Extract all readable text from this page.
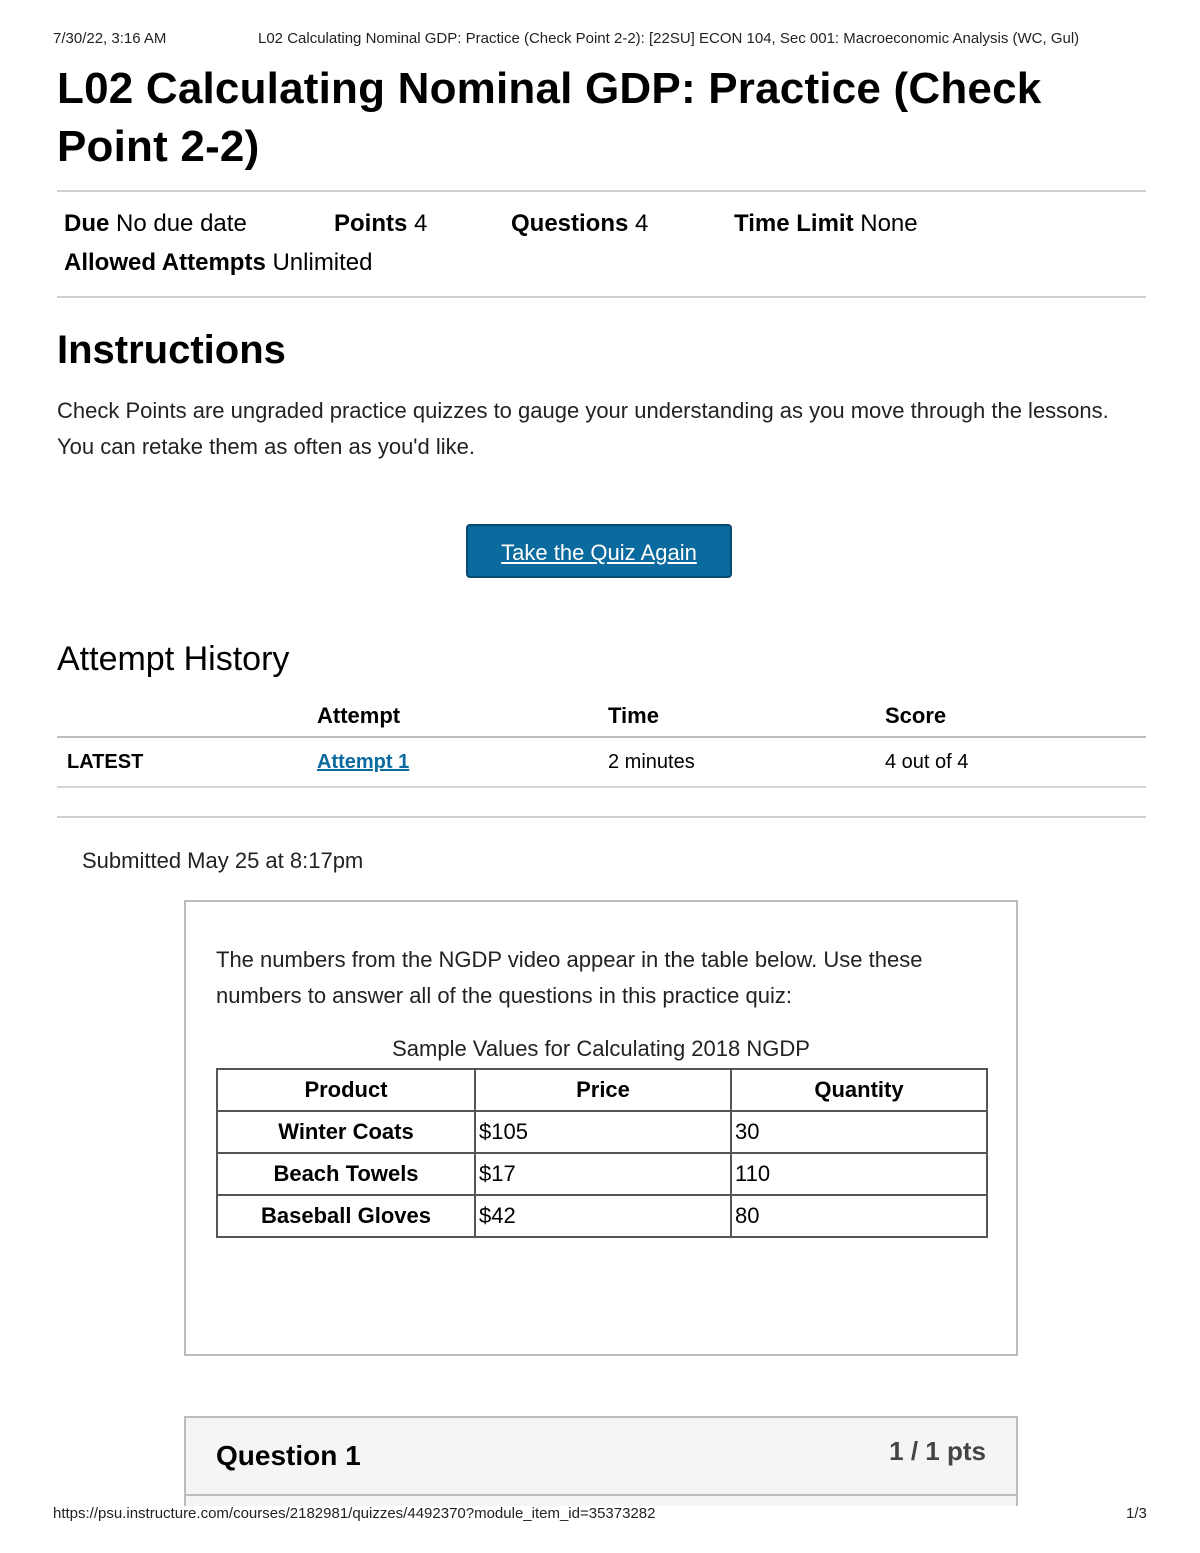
7/30/22, 3:16 AM	L02 Calculating Nominal GDP: Practice (Check Point 2-2): [22SU] ECON 104, Sec 001: Macroeconomic Analysis (WC, Gul)
L02 Calculating Nominal GDP: Practice (Check Point 2-2)
Due No due date	Points 4	Questions 4	Time Limit None
Allowed Attempts Unlimited
Instructions

Check Points are ungraded practice quizzes to gauge your understanding as you move through the lessons. You can retake them as often as you'd like.

Take the Quiz Again
Attempt History
	Attempt	Time	Score
LATEST	Attempt 1	2 minutes	4 out of 4
Submitted May 25 at 8:17pm
The numbers from the NGDP video appear in the table below. Use these numbers to answer all of the questions in this practice quiz:
Sample Values for Calculating 2018 NGDP
Product	Price	Quantity
Winter Coats	$105	30
Beach Towels	$17	110
Baseball Gloves	$42	80
Question 1	1 / 1 pts
https://psu.instructure.com/courses/2182981/quizzes/4492370?module_item_id=35373282	1/3
